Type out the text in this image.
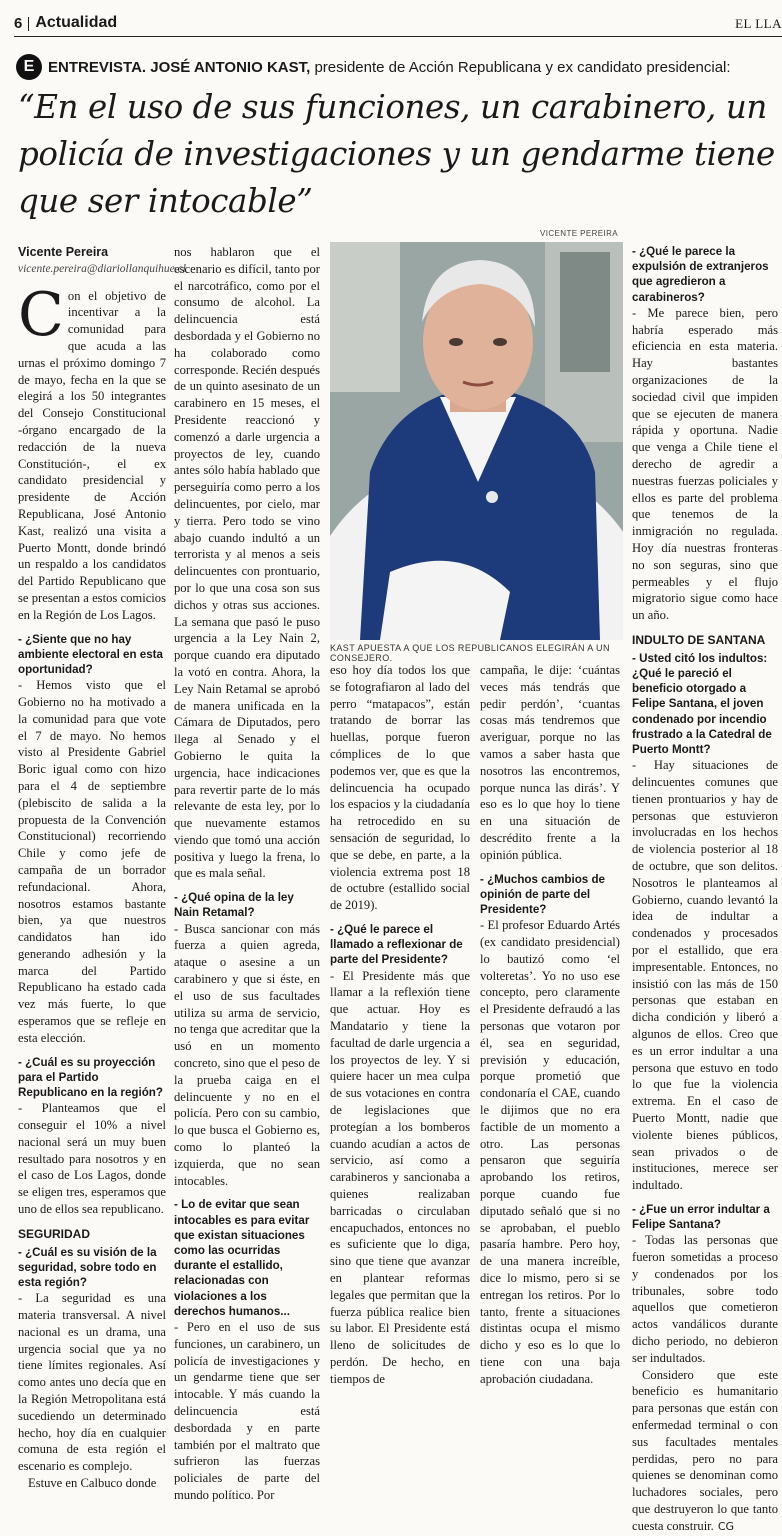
6 Actualidad	EL LLA
E ENTREVISTA.
JOSÉ ANTONIO KAST,
presidente de Acción Republicana y ex candidato presidencial:
“En el uso de sus funciones, un carabinero, un policía de investigaciones y un gendarme tiene que ser intocable”
Vicente Pereira
vicente.pereira@diariollanquihue.cl

Con el objetivo de incentivar a la comunidad para que acuda a las urnas el próximo domingo 7 de mayo, fecha en la que se elegirá a los 50 integrantes del Consejo Constitucional -órgano encargado de la redacción de la nueva Constitución-, el ex candidato presidencial y presidente de Acción Republicana, José Antonio Kast, realizó una visita a Puerto Montt, donde brindó un respaldo a los candidatos del Partido Republicano que se presentan a estos comicios en la Región de Los Lagos.

- ¿Siente que no hay ambiente electoral en esta oportunidad?

- Hemos visto que el Gobierno no ha motivado a la comunidad para que vote el 7 de mayo. No hemos visto al Presidente Gabriel Boric igual como con hizo para el 4 de septiembre (plebiscito de salida a la propuesta de la Convención Constitucional) recorriendo Chile y como jefe de campaña de un borrador refundacional. Ahora, nosotros estamos bastante bien, ya que nuestros candidatos han ido generando adhesión y la marca del Partido Republicano ha estado cada vez más fuerte, lo que esperamos que se refleje en esta elección.

- ¿Cuál es su proyección para el Partido Republicano en la región?

- Planteamos que el conseguir el 10% a nivel nacional será un muy buen resultado para nosotros y en el caso de Los Lagos, donde se eligen tres, esperamos que uno de ellos sea republicano.

SEGURIDAD
- ¿Cuál es su visión de la seguridad, sobre todo en esta región?

- La seguridad es una materia transversal. A nivel nacional es un drama, una urgencia social que ya no tiene límites regionales. Así como antes uno decía que en la Región Metropolitana está sucediendo un determinado hecho, hoy día en cualquier comuna de esta región el escenario es complejo.

Estuve en Calbuco donde

nos hablaron que el escenario es difícil, tanto por el narcotráfico, como por el consumo de alcohol. La delincuencia está desbordada y el Gobierno no ha colaborado como corresponde. Recién después de un quinto asesinato de un carabinero en 15 meses, el Presidente reaccionó y comenzó a darle urgencia a proyectos de ley, cuando antes sólo había hablado que perseguiría como perro a los delincuentes, por cielo, mar y tierra. Pero todo se vino abajo cuando indultó a un terrorista y al menos a seis delincuentes con prontuario, por lo que una cosa son sus dichos y otras sus acciones. La semana que pasó le puso urgencia a la Ley Nain 2, porque cuando era diputado la votó en contra. Ahora, la Ley Nain Retamal se aprobó de manera unificada en la Cámara de Diputados, pero llega al Senado y el Gobierno le quita la urgencia, hace indicaciones para revertir parte de lo más relevante de esta ley, por lo que nuevamente estamos viendo que tomó una acción positiva y luego la frena, lo que es mala señal.

- ¿Qué opina de la ley Nain Retamal?

- Busca sancionar con más fuerza a quien agreda, ataque o asesine a un carabinero y que si éste, en el uso de sus facultades utiliza su arma de servicio, no tenga que acreditar que la usó en un momento concreto, sino que el peso de la prueba caiga en el delincuente y no en el policía. Pero con su cambio, lo que busca el Gobierno es, como lo planteó la izquierda, que no sean intocables.

- Lo de evitar que sean intocables es para evitar que existan situaciones como las ocurridas durante el estallido, relacionadas con violaciones a los derechos humanos...

- Pero en el uso de sus funciones, un carabinero, un policía de investigaciones y un gendarme tiene que ser intocable. Y más cuando la delincuencia está desbordada y en parte también por el maltrato que sufrieron las fuerzas policiales de parte del mundo político. Por

VICENTE PEREIRA
KAST APUESTA A QUE LOS REPUBLICANOS ELEGIRÁN A UN CONSEJERO.

eso hoy día todos los que se fotografiaron al lado del perro “matapacos”, están tratando de borrar las huellas, porque fueron cómplices de lo que podemos ver, que es que la delincuencia ha ocupado los espacios y la ciudadanía ha retrocedido en su sensación de seguridad, lo que se debe, en parte, a la violencia extrema post 18 de octubre (estallido social de 2019).

- ¿Qué le parece el llamado a reflexionar de parte del Presidente?

- El Presidente más que llamar a la reflexión tiene que actuar. Hoy es Mandatario y tiene la facultad de darle urgencia a los proyectos de ley. Y si quiere hacer un mea culpa de sus votaciones en contra de legislaciones que protegían a los bomberos cuando acudían a actos de servicio, así como a carabineros y sancionaba a quienes realizaban barricadas o circulaban encapuchados, entonces no es suficiente que lo diga, sino que tiene que avanzar en plantear reformas legales que permitan que la fuerza pública realice bien su labor. El Presidente está lleno de solicitudes de perdón. De hecho, en tiempos de

campaña, le dije: ‘cuántas veces más tendrás que pedir perdón’, ‘cuantas cosas más tendremos que averiguar, porque no las vamos a saber hasta que nosotros las encontremos, porque nunca las dirás’. Y eso es lo que hoy lo tiene en una situación de descrédito frente a la opinión pública.

- ¿Muchos cambios de opinión de parte del Presidente?

- El profesor Eduardo Artés (ex candidato presidencial) lo bautizó como ‘el volteretas’. Yo no uso ese concepto, pero claramente el Presidente defraudó a las personas que votaron por él, sea en seguridad, previsión y educación, porque prometió que condonaría el CAE, cuando le dijimos que no era factible de un momento a otro. Las personas pensaron que seguiría aprobando los retiros, porque cuando fue diputado señaló que si no se aprobaban, el pueblo pasaría hambre. Pero hoy, de una manera increíble, dice lo mismo, pero si se entregan los retiros. Por lo tanto, frente a situaciones distintas ocupa el mismo dicho y eso es lo que lo tiene con una baja aprobación ciudadana.

- ¿Qué le parece la expulsión de extranjeros que agredieron a carabineros?

- Me parece bien, pero habría esperado más eficiencia en esta materia. Hay bastantes organizaciones de la sociedad civil que impiden que se ejecuten de manera rápida y oportuna. Nadie que venga a Chile tiene el derecho de agredir a nuestras fuerzas policiales y ellos es parte del problema que tenemos de la inmigración no regulada. Hoy día nuestras fronteras no son seguras, sino que permeables y el flujo migratorio sigue como hace un año.

INDULTO DE SANTANA
- Usted citó los indultos: ¿Qué le pareció el beneficio otorgado a Felipe Santana, el joven condenado por incendio frustrado a la Catedral de Puerto Montt?

- Hay situaciones de delincuentes comunes que tienen prontuarios y hay de personas que estuvieron involucradas en los hechos de violencia posterior al 18 de octubre, que son delitos. Nosotros le planteamos al Gobierno, cuando levantó la idea de indultar a condenados y procesados por el estallido, que era impresentable. Entonces, no insistió con las más de 150 personas que estaban en dicha condición y liberó a algunos de ellos. Creo que es un error indultar a una persona que estuvo en todo lo que fue la violencia extrema. En el caso de Puerto Montt, nadie que violente bienes públicos, sean privados o de instituciones, merece ser indultado.

- ¿Fue un error indultar a Felipe Santana?

- Todas las personas que fueron sometidas a proceso y condenados por los tribunales, sobre todo aquellos que cometieron actos vandálicos durante dicho periodo, no debieron ser indultados.

Considero que este beneficio es humanitario para personas que están con enfermedad terminal o con sus facultades mentales perdidas, pero no para quienes se denominan como luchadores sociales, pero que destruyeron lo que tanto cuesta construir. CG
